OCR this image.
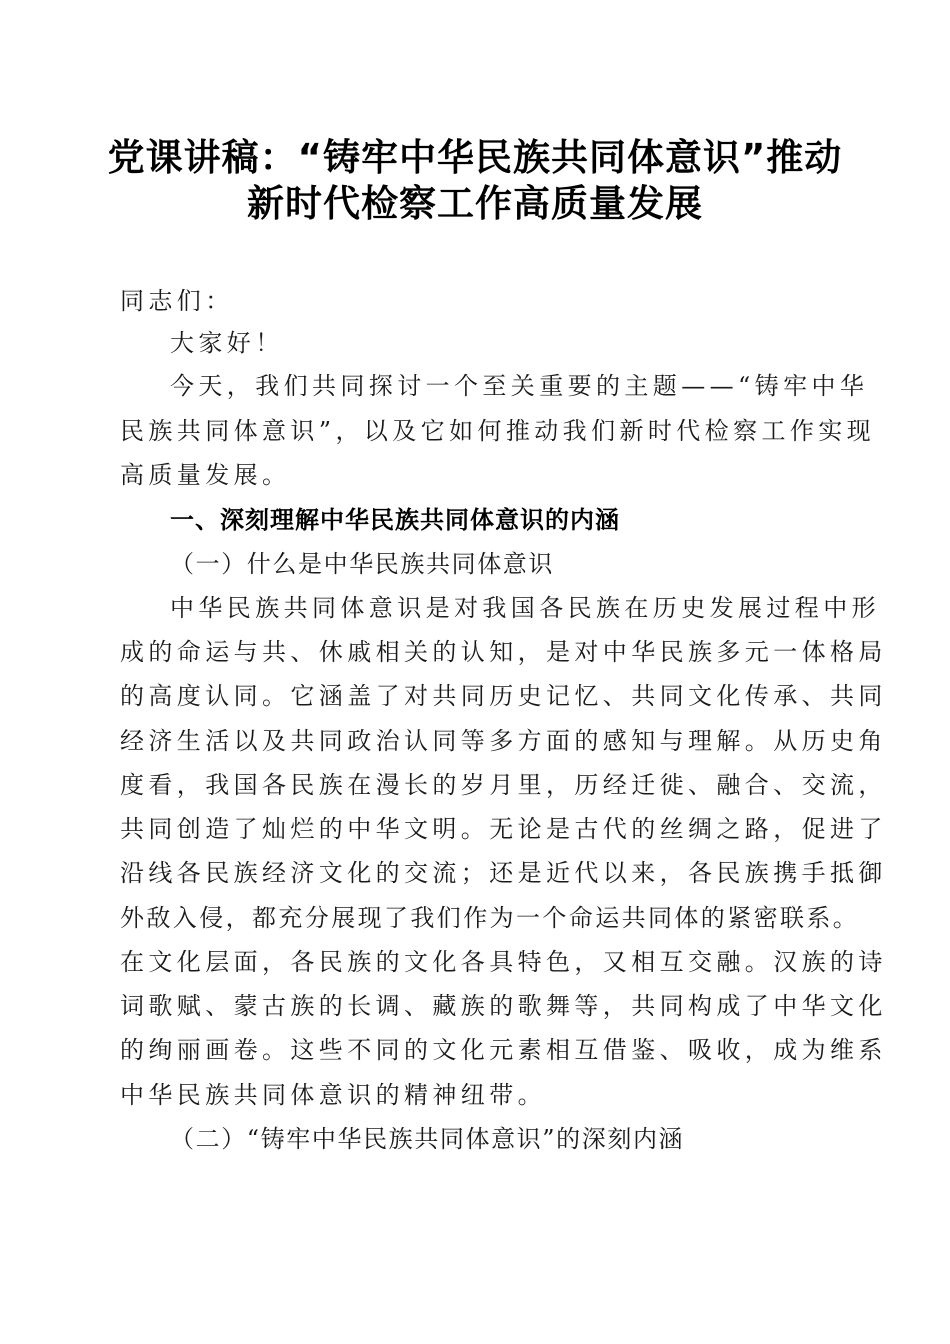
党课讲稿：“铸牢中华民族共同体意识”推动
新时代检察工作高质量发展
同志们：
大家好！
今天，我们共同探讨一个至关重要的主题——“铸牢中华
民族共同体意识”，以及它如何推动我们新时代检察工作实现
高质量发展。
一、深刻理解中华民族共同体意识的内涵
（一）什么是中华民族共同体意识
中华民族共同体意识是对我国各民族在历史发展过程中形
成的命运与共、休戚相关的认知，是对中华民族多元一体格局
的高度认同。它涵盖了对共同历史记忆、共同文化传承、共同
经济生活以及共同政治认同等多方面的感知与理解。从历史角
度看，我国各民族在漫长的岁月里，历经迁徙、融合、交流，
共同创造了灿烂的中华文明。无论是古代的丝绸之路，促进了
沿线各民族经济文化的交流；还是近代以来，各民族携手抵御
外敌入侵，都充分展现了我们作为一个命运共同体的紧密联系。
在文化层面，各民族的文化各具特色，又相互交融。汉族的诗
词歌赋、蒙古族的长调、藏族的歌舞等，共同构成了中华文化
的绚丽画卷。这些不同的文化元素相互借鉴、吸收，成为维系
中华民族共同体意识的精神纽带。
（二）“铸牢中华民族共同体意识”的深刻内涵
